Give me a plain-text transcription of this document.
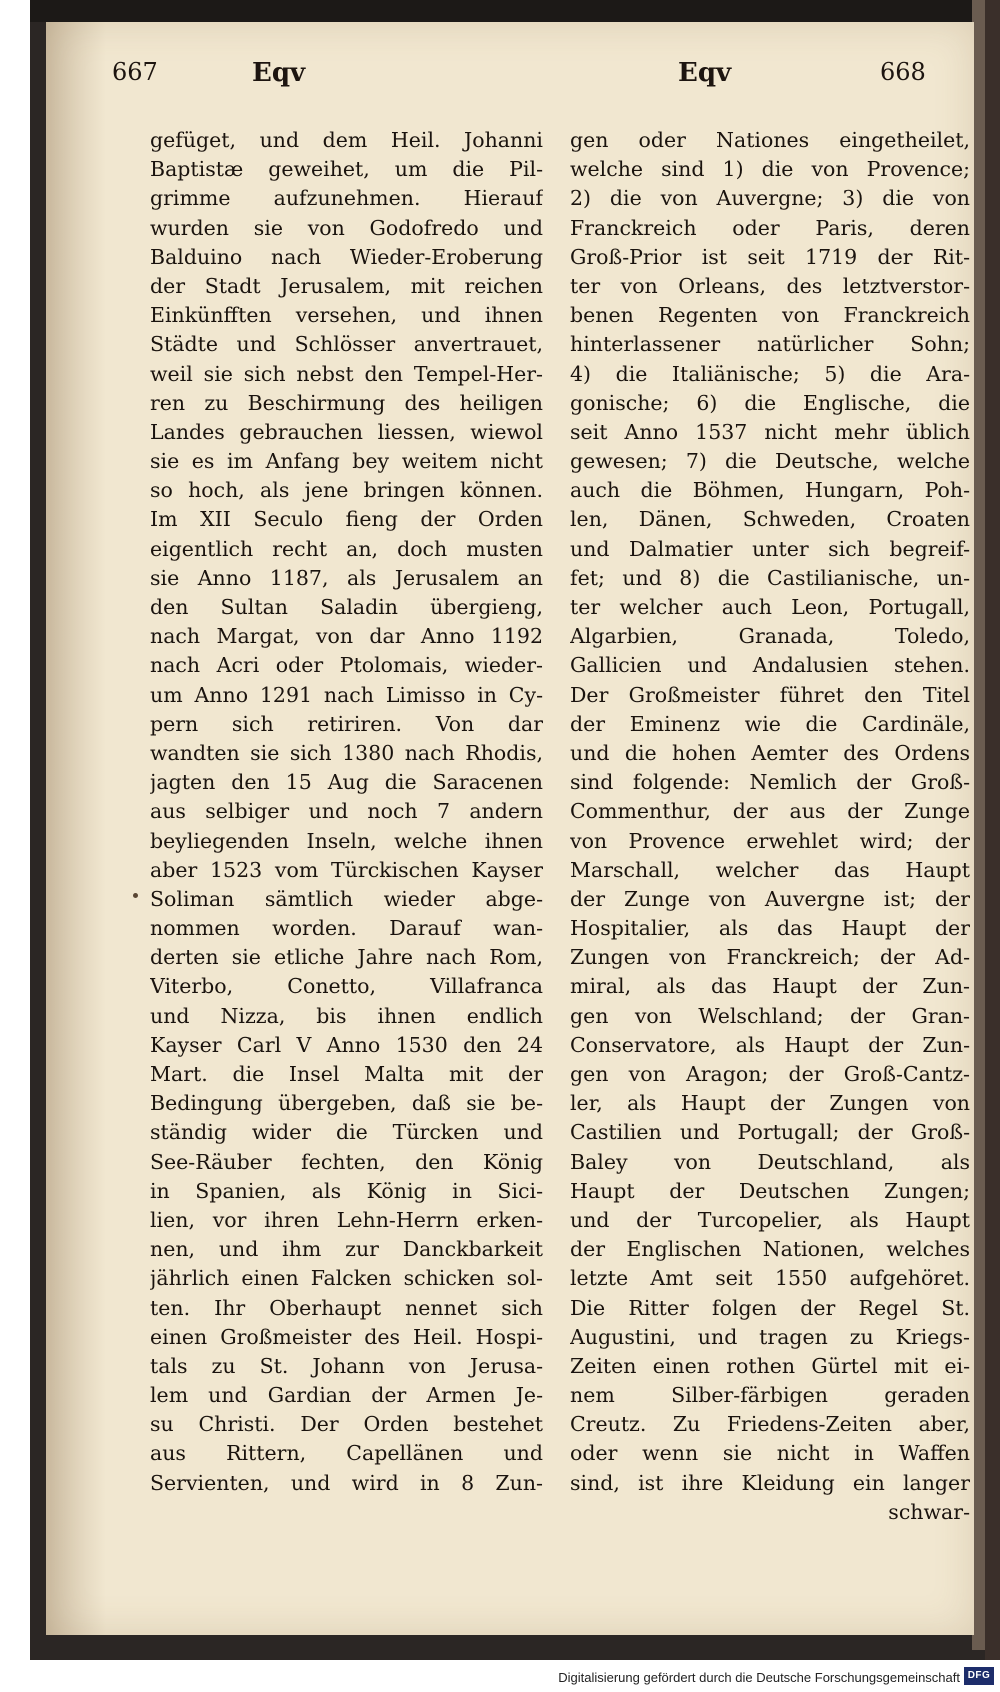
667	Eqv	Eqv	668
gefüget, und dem Heil. Johanni
Baptistæ geweihet, um die Pil-
grimme aufzunehmen. Hierauf
wurden sie von Godofredo und
Balduino nach Wieder-Eroberung
der Stadt Jerusalem, mit reichen
Einkünfften versehen, und ihnen
Städte und Schlösser anvertrauet,
weil sie sich nebst den Tempel-Her-
ren zu Beschirmung des heiligen
Landes gebrauchen liessen, wiewol
sie es im Anfang bey weitem nicht
so hoch, als jene bringen können.
Im XII Seculo fieng der Orden
eigentlich recht an, doch musten
sie Anno 1187, als Jerusalem an
den Sultan Saladin übergieng,
nach Margat, von dar Anno 1192
nach Acri oder Ptolomais, wieder-
um Anno 1291 nach Limisso in Cy-
pern sich retiriren. Von dar
wandten sie sich 1380 nach Rhodis,
jagten den 15 Aug die Saracenen
aus selbiger und noch 7 andern
beyliegenden Inseln, welche ihnen
aber 1523 vom Türckischen Kayser
Soliman sämtlich wieder abge-
nommen worden. Darauf wan-
derten sie etliche Jahre nach Rom,
Viterbo, Conetto, Villafranca
und Nizza, bis ihnen endlich
Kayser Carl V Anno 1530 den 24
Mart. die Insel Malta mit der
Bedingung übergeben, daß sie be-
ständig wider die Türcken und
See-Räuber fechten, den König
in Spanien, als König in Sici-
lien, vor ihren Lehn-Herrn erken-
nen, und ihm zur Danckbarkeit
jährlich einen Falcken schicken sol-
ten. Ihr Oberhaupt nennet sich
einen Großmeister des Heil. Hospi-
tals zu St. Johann von Jerusa-
lem und Gardian der Armen Je-
su Christi. Der Orden bestehet
aus Rittern, Capellänen und
Servienten, und wird in 8 Zun-
gen oder Nationes eingetheilet,
welche sind 1) die von Provence;
2) die von Auvergne; 3) die von
Franckreich oder Paris, deren
Groß-Prior ist seit 1719 der Rit-
ter von Orleans, des letztverstor-
benen Regenten von Franckreich
hinterlassener natürlicher Sohn;
4) die Italiänische; 5) die Ara-
gonische; 6) die Englische, die
seit Anno 1537 nicht mehr üblich
gewesen; 7) die Deutsche, welche
auch die Böhmen, Hungarn, Poh-
len, Dänen, Schweden, Croaten
und Dalmatier unter sich begreif-
fet; und 8) die Castilianische, un-
ter welcher auch Leon, Portugall,
Algarbien, Granada, Toledo,
Gallicien und Andalusien stehen.
Der Großmeister führet den Titel
der Eminenz wie die Cardinäle,
und die hohen Aemter des Ordens
sind folgende: Nemlich der Groß-
Commenthur, der aus der Zunge
von Provence erwehlet wird; der
Marschall, welcher das Haupt
der Zunge von Auvergne ist; der
Hospitalier, als das Haupt der
Zungen von Franckreich; der Ad-
miral, als das Haupt der Zun-
gen von Welschland; der Gran-
Conservatore, als Haupt der Zun-
gen von Aragon; der Groß-Cantz-
ler, als Haupt der Zungen von
Castilien und Portugall; der Groß-
Baley von Deutschland, als
Haupt der Deutschen Zungen;
und der Turcopelier, als Haupt
der Englischen Nationen, welches
letzte Amt seit 1550 aufgehöret.
Die Ritter folgen der Regel St.
Augustini, und tragen zu Kriegs-
Zeiten einen rothen Gürtel mit ei-
nem Silber-färbigen geraden
Creutz. Zu Friedens-Zeiten aber,
oder wenn sie nicht in Waffen
sind, ist ihre Kleidung ein langer
schwar-
Digitalisierung gefördert durch die Deutsche Forschungsgemeinschaft DFG
